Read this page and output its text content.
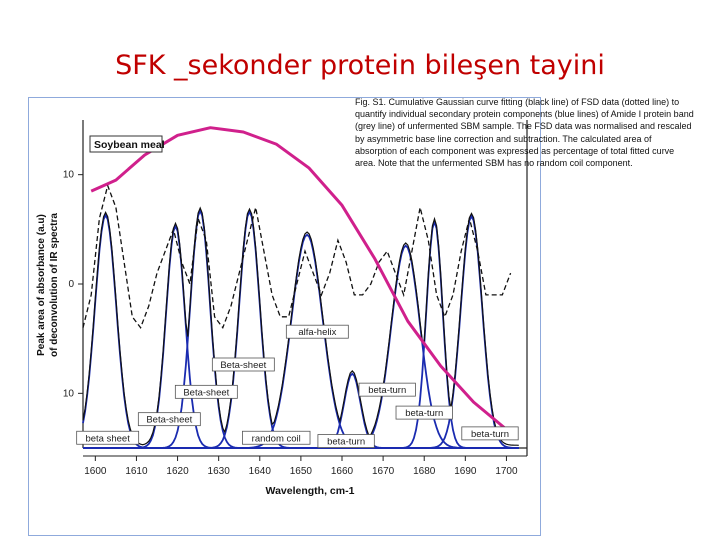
SFK _sekonder protein bileşen tayini
1600 1610 1620 1630 1640 1650 1660 1670 1680 1690 1700
10
0
10
alfa-helix
Beta-sheet
beta-turn
Beta-sheet
beta-turn
Beta-sheet
beta sheet	random coil	beta-turn
beta-turn
Soybean meal
Wavelength, cm-1
Peak area of absorbance (a.u) of deconvolution of IR spectra
Fig. S1. Cumulative Gaussian curve fitting (black line) of FSD data (dotted line) to quantify individual secondary protein components (blue lines) of Amide I protein band (grey line) of unfermented SBM sample. The FSD data was normalised and rescaled by asymmetric base line correction and subtraction. The calculated area of absorption of each component was expressed as percentage of total fitted curve area. Note that the unfermented SBM has no random coil component.
